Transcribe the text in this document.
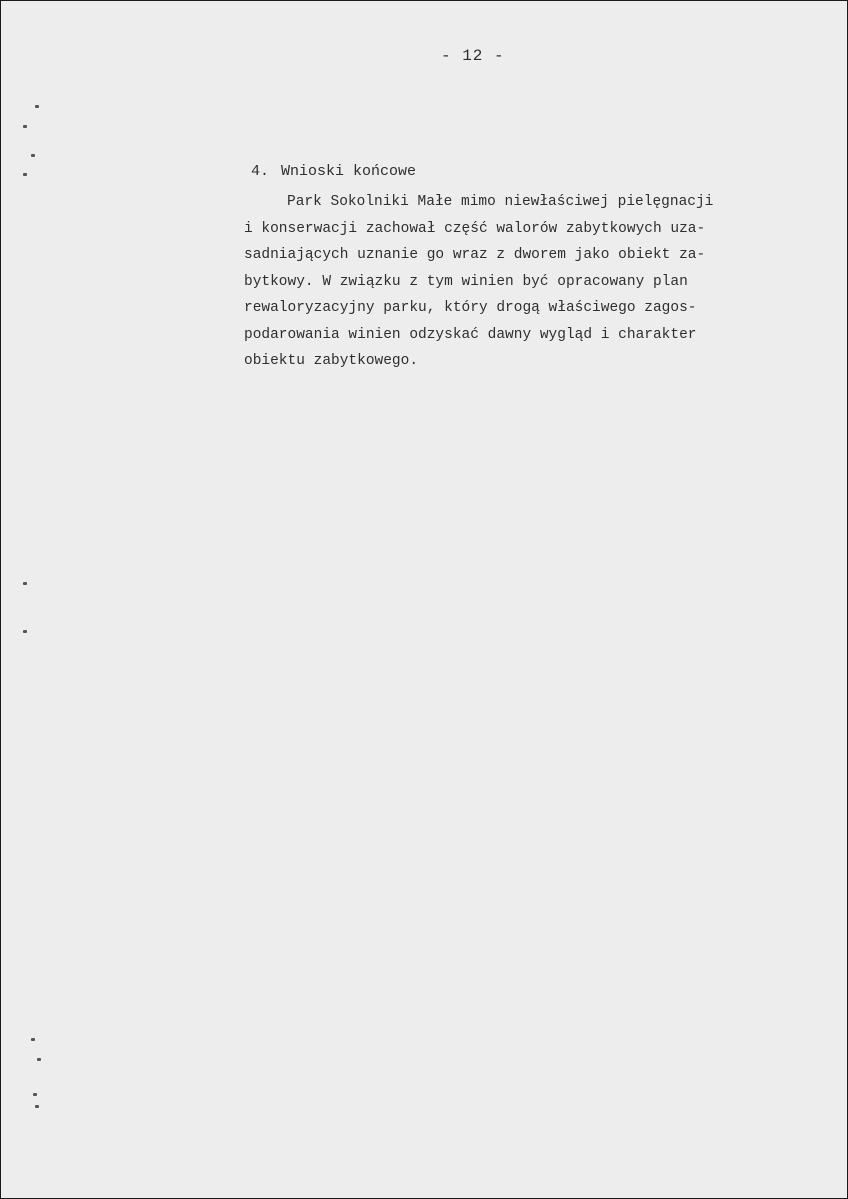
- 12 -

4. Wnioski końcowe

Park Sokolniki Małe mimo niewłaściwej pielęgnacji
i konserwacji zachował część walorów zabytkowych uza-
sadniających uznanie go wraz z dworem jako obiekt za-
bytkowy. W związku z tym winien być opracowany plan
rewaloryzacyjny parku, który drogą właściwego zagos-
podarowania winien odzyskać dawny wygląd i charakter
obiektu zabytkowego.
